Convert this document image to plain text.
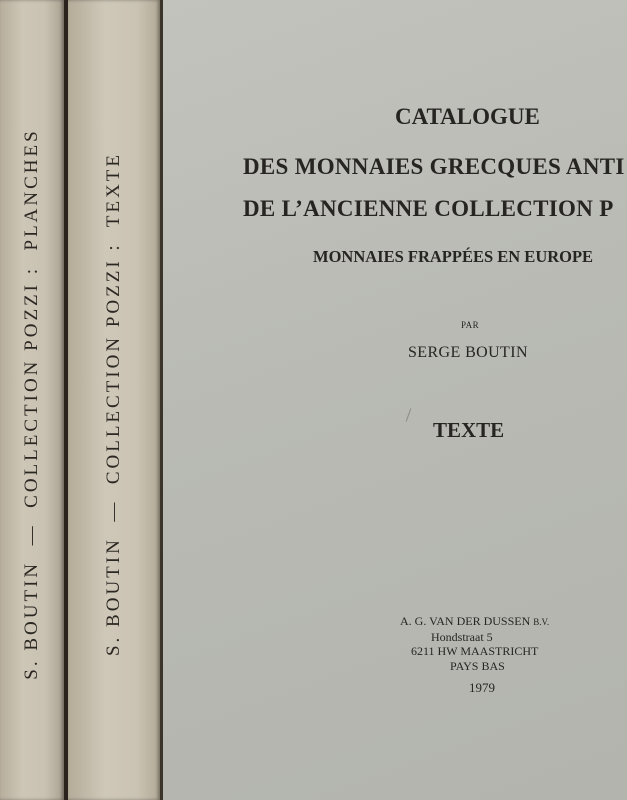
S. BOUTIN  —  COLLECTION POZZI :  PLANCHES	S. BOUTIN  —  COLLECTION POZZI :  TEXTE
CATALOGUE
DES MONNAIES GRECQUES ANTI
DE L’ANCIENNE COLLECTION P
MONNAIES FRAPPÉES EN EUROPE
PAR
SERGE BOUTIN
TEXTE
A. G. VAN DER DUSSEN B.V.
Hondstraat 5
6211 HW MAASTRICHT
PAYS BAS
1979
